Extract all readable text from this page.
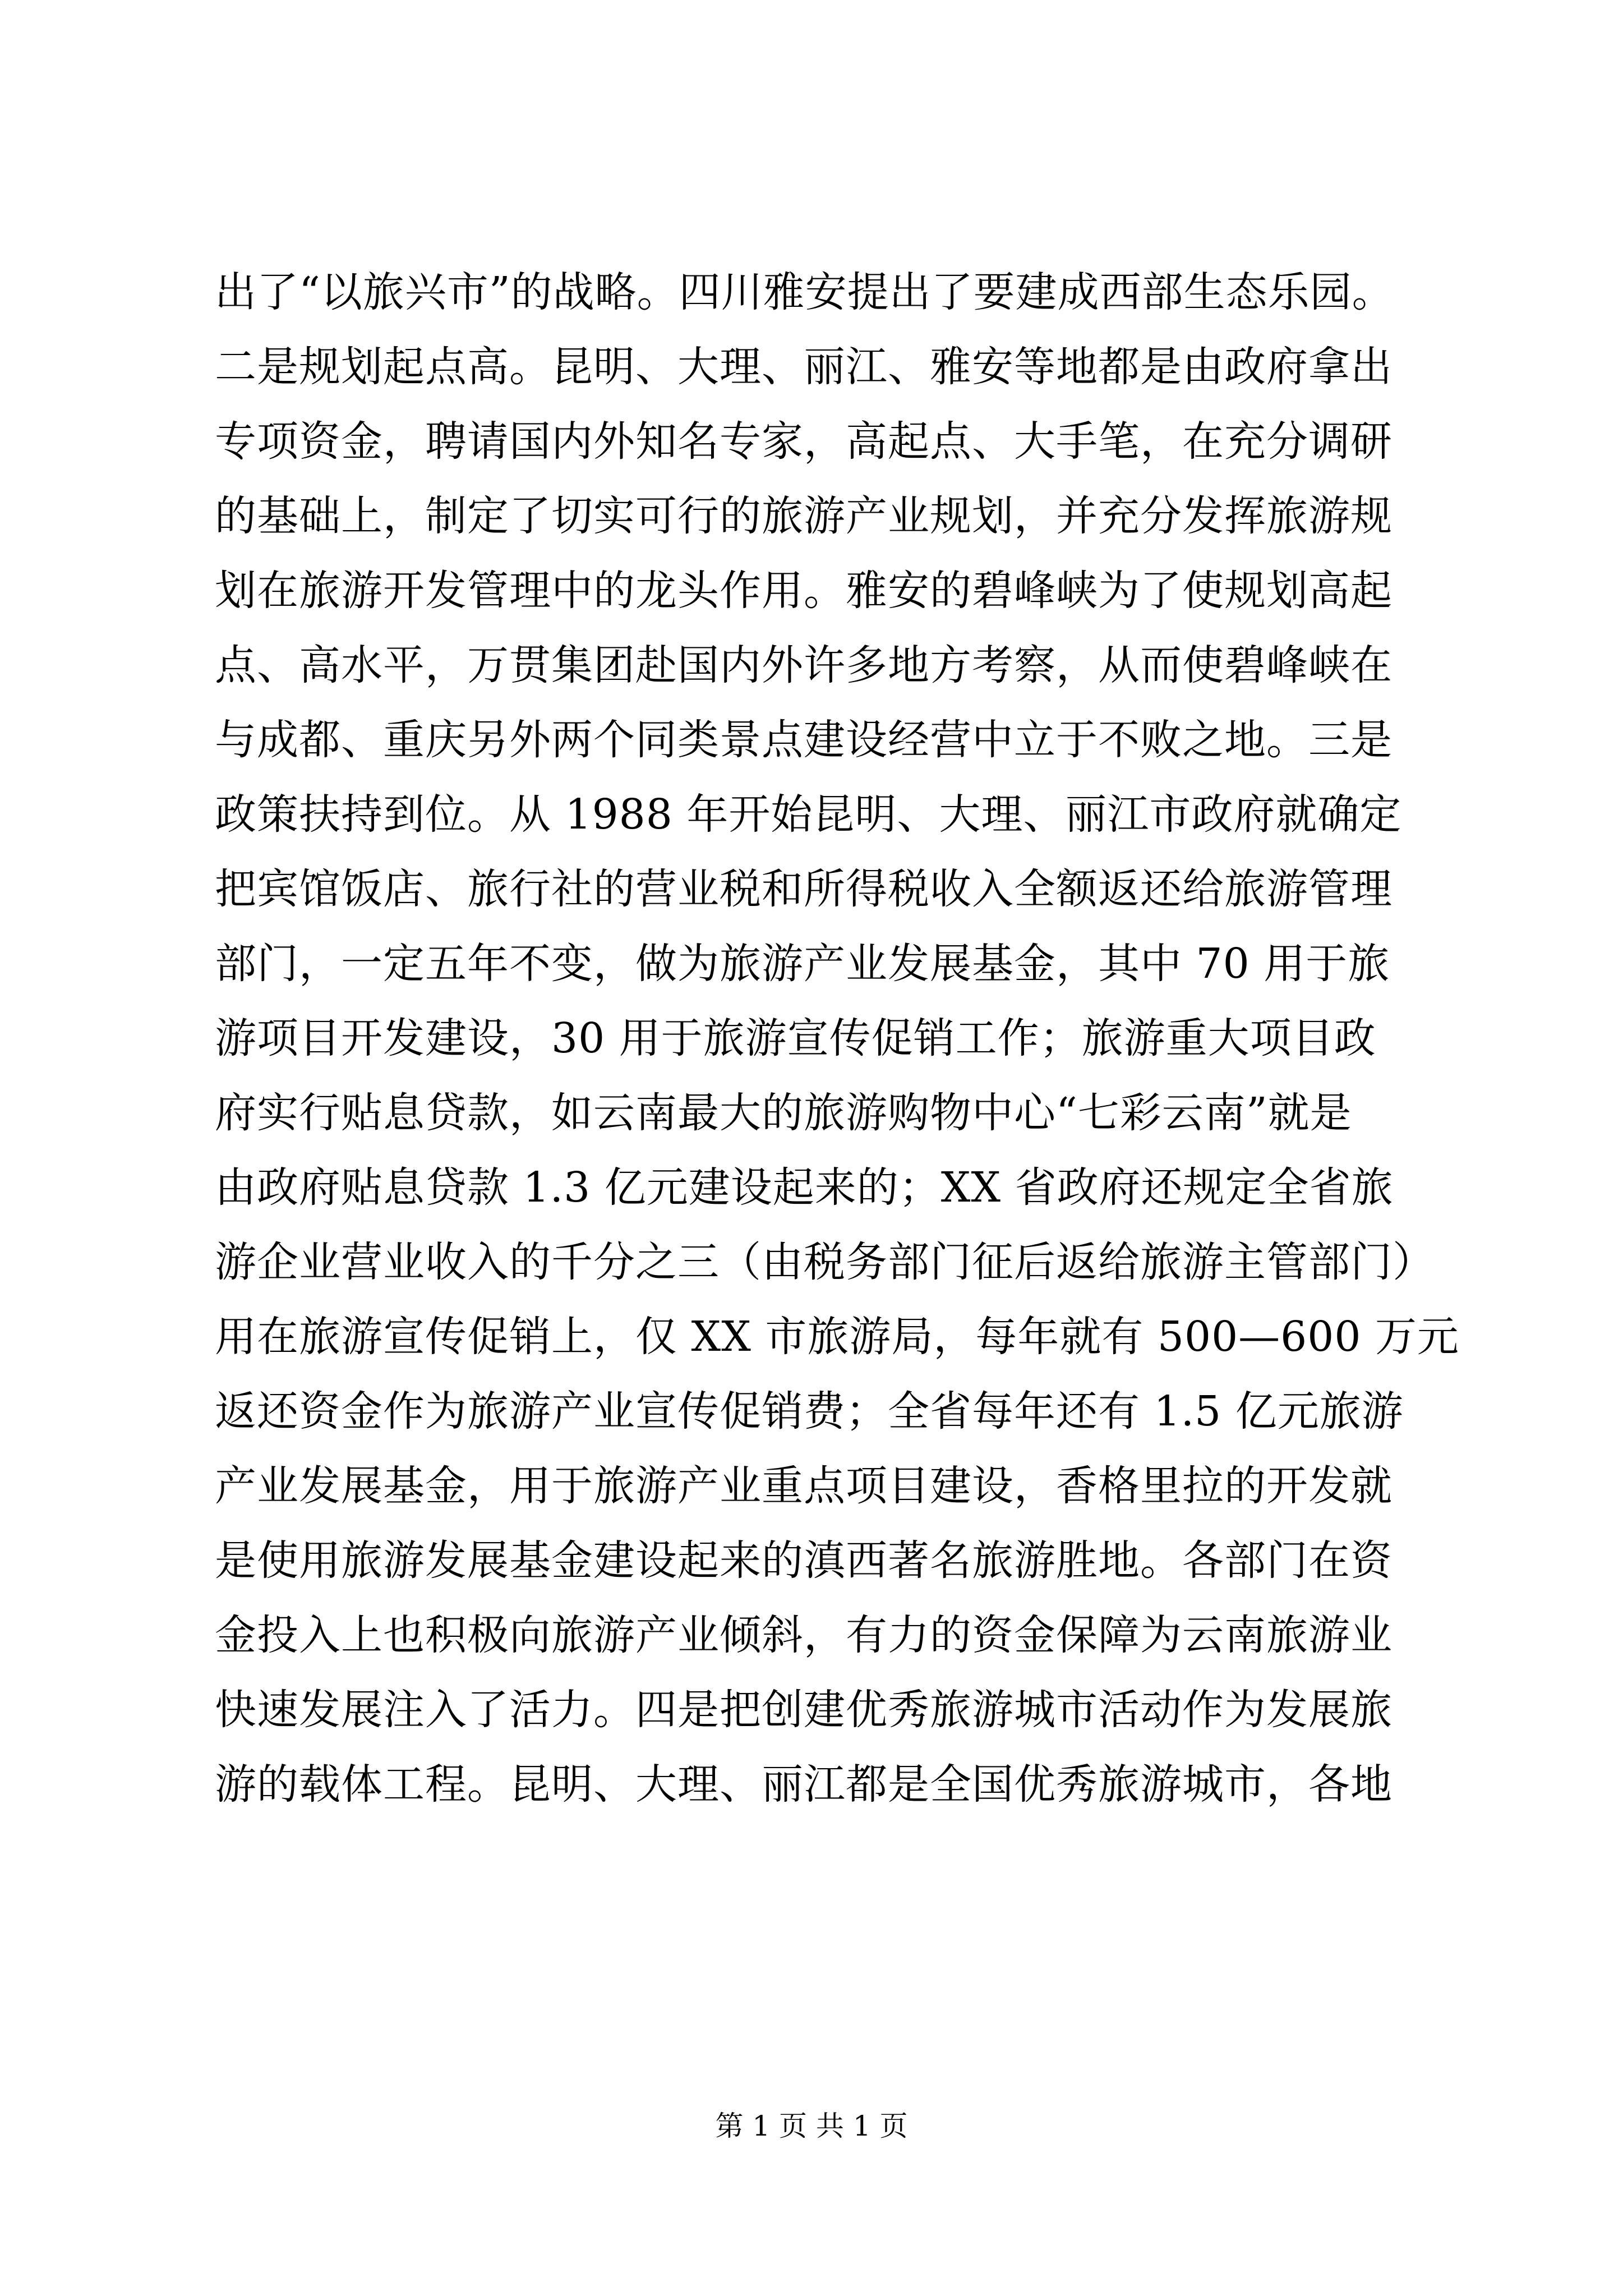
出了“以旅兴市”的战略。四川雅安提出了要建成西部生态乐园。
二是规划起点高。昆明、大理、丽江、雅安等地都是由政府拿出
专项资金，聘请国内外知名专家，高起点、大手笔，在充分调研
的基础上，制定了切实可行的旅游产业规划，并充分发挥旅游规
划在旅游开发管理中的龙头作用。雅安的碧峰峡为了使规划高起
点、高水平，万贯集团赴国内外许多地方考察，从而使碧峰峡在
与成都、重庆另外两个同类景点建设经营中立于不败之地。三是
政策扶持到位。从 1988 年开始昆明、大理、丽江市政府就确定
把宾馆饭店、旅行社的营业税和所得税收入全额返还给旅游管理
部门，一定五年不变，做为旅游产业发展基金，其中 70 用于旅
游项目开发建设，30 用于旅游宣传促销工作；旅游重大项目政
府实行贴息贷款，如云南最大的旅游购物中心“七彩云南”就是
由政府贴息贷款 1.3 亿元建设起来的；XX 省政府还规定全省旅
游企业营业收入的千分之三（由税务部门征后返给旅游主管部门）
用在旅游宣传促销上，仅 XX 市旅游局，每年就有 500—600 万元
返还资金作为旅游产业宣传促销费；全省每年还有 1.5 亿元旅游
产业发展基金，用于旅游产业重点项目建设，香格里拉的开发就
是使用旅游发展基金建设起来的滇西著名旅游胜地。各部门在资
金投入上也积极向旅游产业倾斜，有力的资金保障为云南旅游业
快速发展注入了活力。四是把创建优秀旅游城市活动作为发展旅
游的载体工程。昆明、大理、丽江都是全国优秀旅游城市，各地
第 1 页 共 1 页
